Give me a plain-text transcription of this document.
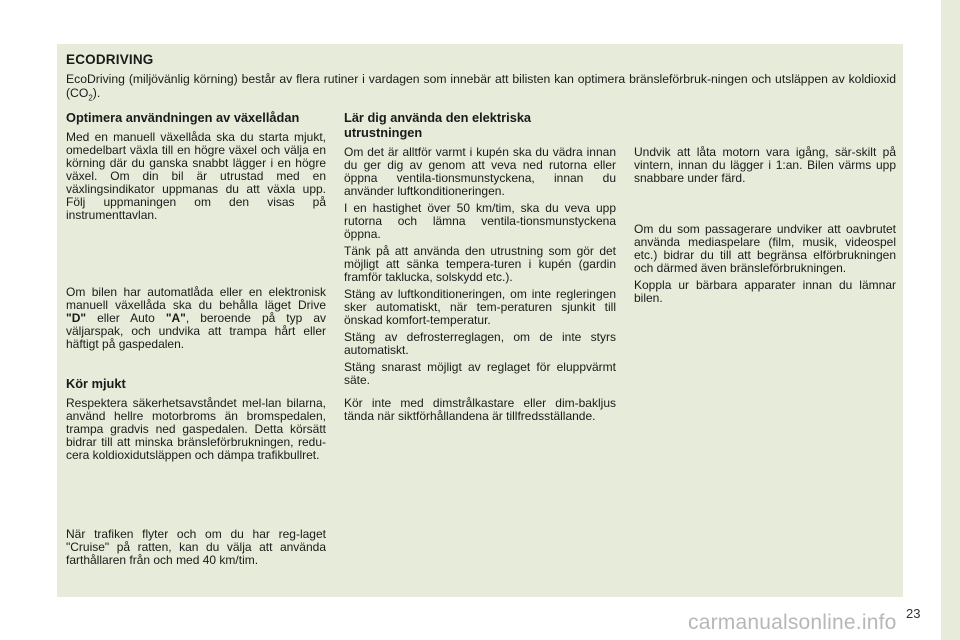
ECODRIVING

EcoDriving (miljövänlig körning) består av flera rutiner i vardagen som innebär att bilisten kan optimera bränsleförbruk-ningen och utsläppen av koldioxid $(CO_2)$.

Optimera användningen av växellådan

Med en manuell växellåda ska du starta mjukt, omedelbart växla till en högre växel och välja en körning där du ganska snabbt lägger i en högre växel. Om din bil är utrustad med en växlingsindikator uppmanas du att växla upp. Följ uppmaningen om den visas på instrumenttavlan.

Om bilen har automatlåda eller en elektronisk manuell växellåda ska du behålla läget Drive "D" eller Auto "A", beroende på typ av väljarspak, och undvika att trampa hårt eller häftigt på gaspedalen.

Kör mjukt

Respektera säkerhetsavståndet mel-lan bilarna, använd hellre motorbroms än bromspedalen, trampa gradvis ned gaspedalen. Detta körsätt bidrar till att minska bränsleförbrukningen, redu-cera koldioxidutsläppen och dämpa trafikbullret.

När trafiken flyter och om du har reg-laget "Cruise" på ratten, kan du välja att använda farthållaren från och med 40 km/tim.

Lär dig använda den elektriska utrustningen

Om det är alltför varmt i kupén ska du vädra innan du ger dig av genom att veva ned rutorna eller öppna ventila-tionsmunstyckena, innan du använder luftkonditioneringen.

I en hastighet över 50 km/tim, ska du veva upp rutorna och lämna ventila-tionsmunstyckena öppna.

Tänk på att använda den utrustning som gör det möjligt att sänka tempera-turen i kupén (gardin framför taklucka, solskydd etc.).

Stäng av luftkonditioneringen, om inte regleringen sker automatiskt, när tem-peraturen sjunkit till önskad komfort-temperatur.

Stäng av defrosterreglagen, om de inte styrs automatiskt.

Stäng snarast möjligt av reglaget för eluppvärmt säte.

Kör inte med dimstrålkastare eller dim-bakljus tända när siktförhållandena är tillfredsställande.

Undvik att låta motorn vara igång, sär-skilt på vintern, innan du lägger i 1:an. Bilen värms upp snabbare under färd.

Om du som passagerare undviker att oavbrutet använda mediaspelare (film, musik, videospel etc.) bidrar du till att begränsa elförbrukningen och därmed även bränsleförbrukningen.

Koppla ur bärbara apparater innan du lämnar bilen.

carmanualsonline.info 23
